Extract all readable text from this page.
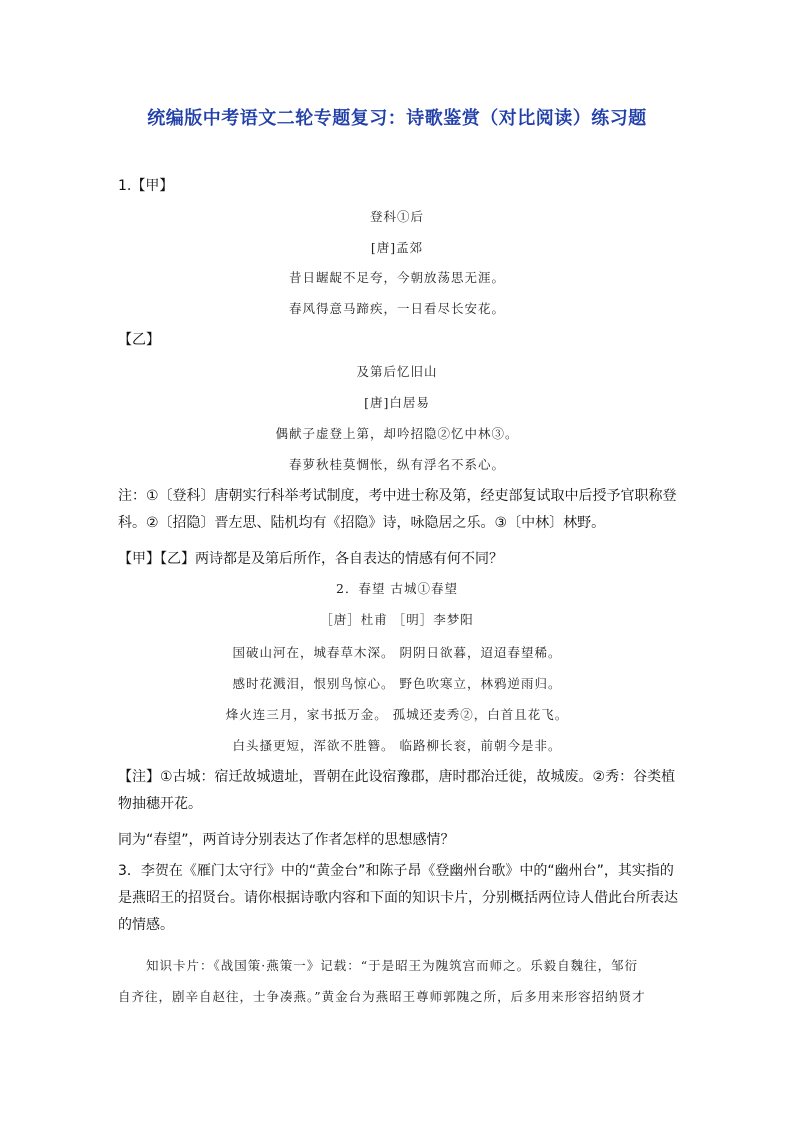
统编版中考语文二轮专题复习：诗歌鉴赏（对比阅读）练习题
1.【甲】
登科①后
[唐]孟郊
昔日龌龊不足夸，今朝放荡思无涯。
春风得意马蹄疾，一日看尽长安花。
【乙】
及第后忆旧山
[唐]白居易
偶献子虚登上第，却吟招隐②忆中林③。
春萝秋桂莫惆怅，纵有浮名不系心。
注：①〔登科〕唐朝实行科举考试制度，考中进士称及第，经吏部复试取中后授予官职称登科。②〔招隐〕晋左思、陆机均有《招隐》诗，咏隐居之乐。③〔中林〕林野。
【甲】【乙】两诗都是及第后所作，各自表达的情感有何不同？
2．春望 古城①春望
［唐］杜甫 ［明］李梦阳
国破山河在，城春草木深。 阴阴日欲暮，迢迢春望稀。
感时花溅泪，恨别鸟惊心。 野色吹寒立，林鸦逆雨归。
烽火连三月，家书抵万金。 孤城还麦秀②，白首且花飞。
白头搔更短，浑欲不胜簪。 临路柳长衮，前朝今是非。
【注】①古城：宿迁故城遗址，晋朝在此设宿豫郡，唐时郡治迁徙，故城废。②秀：谷类植物抽穗开花。
同为“春望”，两首诗分别表达了作者怎样的思想感情？
3．李贺在《雁门太守行》中的“黄金台”和陈子昂《登幽州台歌》中的“幽州台”，其实指的是燕昭王的招贤台。请你根据诗歌内容和下面的知识卡片，分别概括两位诗人借此台所表达的情感。
知识卡片：《战国策·燕策一》记载：“于是昭王为隗筑宫而师之。乐毅自魏往，邹衍
自齐往，剧辛自赵往，士争凑燕。”黄金台为燕昭王尊师郭隗之所，后多用来形容招纳贤才
